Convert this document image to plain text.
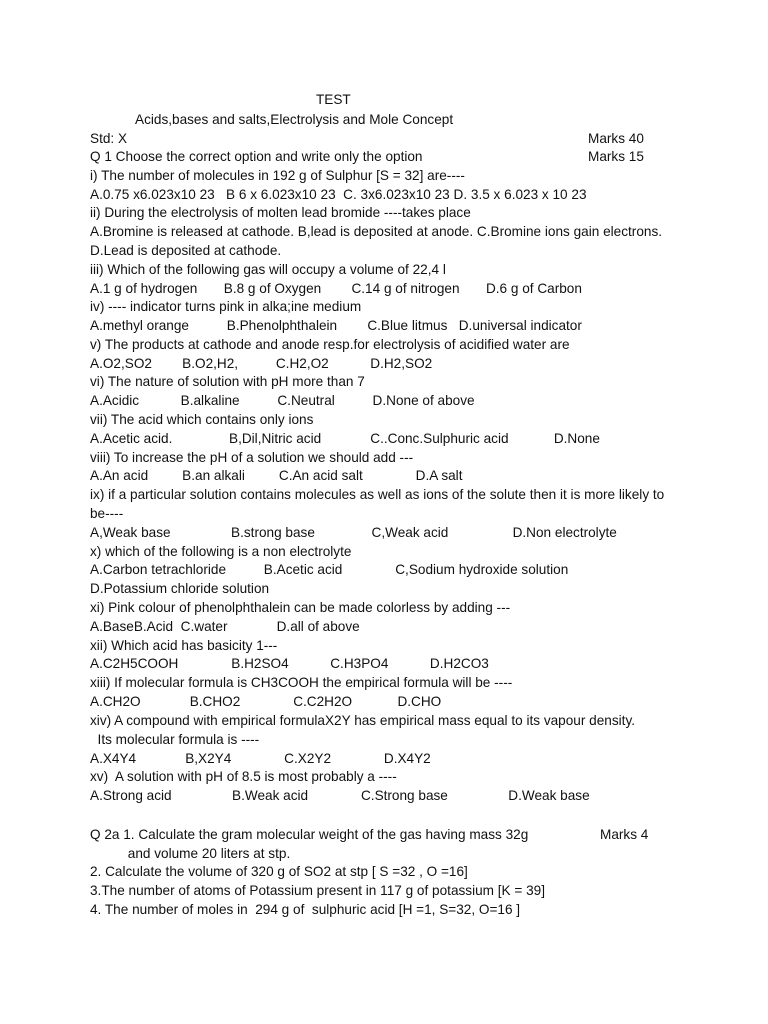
TEST
Acids,bases and salts,Electrolysis and Mole Concept
Std: X	Marks 40
Q 1 Choose the correct option and write only the option	Marks 15
i) The number of molecules in 192 g of Sulphur [S = 32] are----
A.0.75 x6.023x10 23   B 6 x 6.023x10 23  C. 3x6.023x10 23 D. 3.5 x 6.023 x 10 23
ii) During the electrolysis of molten lead bromide ----takes place
A.Bromine is released at cathode. B,lead is deposited at anode. C.Bromine ions gain electrons.
D.Lead is deposited at cathode.
iii) Which of the following gas will occupy a volume of 22,4 l
A.1 g of hydrogen       B.8 g of Oxygen        C.14 g of nitrogen       D.6 g of Carbon
iv) ---- indicator turns pink in alka;ine medium
A.methyl orange          B.Phenolphthalein        C.Blue litmus   D.universal indicator
v) The products at cathode and anode resp.for electrolysis of acidified water are
A.O2,SO2        B.O2,H2,          C.H2,O2           D.H2,SO2
vi) The nature of solution with pH more than 7
A.Acidic           B.alkaline          C.Neutral          D.None of above
vii) The acid which contains only ions
A.Acetic acid.               B,Dil,Nitric acid             C..Conc.Sulphuric acid            D.None
viii) To increase the pH of a solution we should add ---
A.An acid         B.an alkali         C.An acid salt              D.A salt
ix) if a particular solution contains molecules as well as ions of the solute then it is more likely to
be----
A,Weak base                B.strong base               C,Weak acid                 D.Non electrolyte
x) which of the following is a non electrolyte
A.Carbon tetrachloride          B.Acetic acid              C,Sodium hydroxide solution
D.Potassium chloride solution
xi) Pink colour of phenolphthalein can be made colorless by adding ---
A.BaseB.Acid  C.water             D.all of above
xii) Which acid has basicity 1---
A.C2H5COOH              B.H2SO4           C.H3PO4           D.H2CO3
xiii) If molecular formula is CH3COOH the empirical formula will be ----
A.CH2O             B.CHO2              C.C2H2O            D.CHO
xiv) A compound with empirical formulaX2Y has empirical mass equal to its vapour density.
Its molecular formula is ----
A.X4Y4             B,X2Y4              C.X2Y2              D.X4Y2
xv)  A solution with pH of 8.5 is most probably a ----
A.Strong acid                B.Weak acid              C.Strong base                D.Weak base
Q 2a 1. Calculate the gram molecular weight of the gas having mass 32g	Marks 4
and volume 20 liters at stp.
2. Calculate the volume of 320 g of SO2 at stp [ S =32 , O =16]
3.The number of atoms of Potassium present in 117 g of potassium [K = 39]
4. The number of moles in  294 g of  sulphuric acid [H =1, S=32, O=16 ]
